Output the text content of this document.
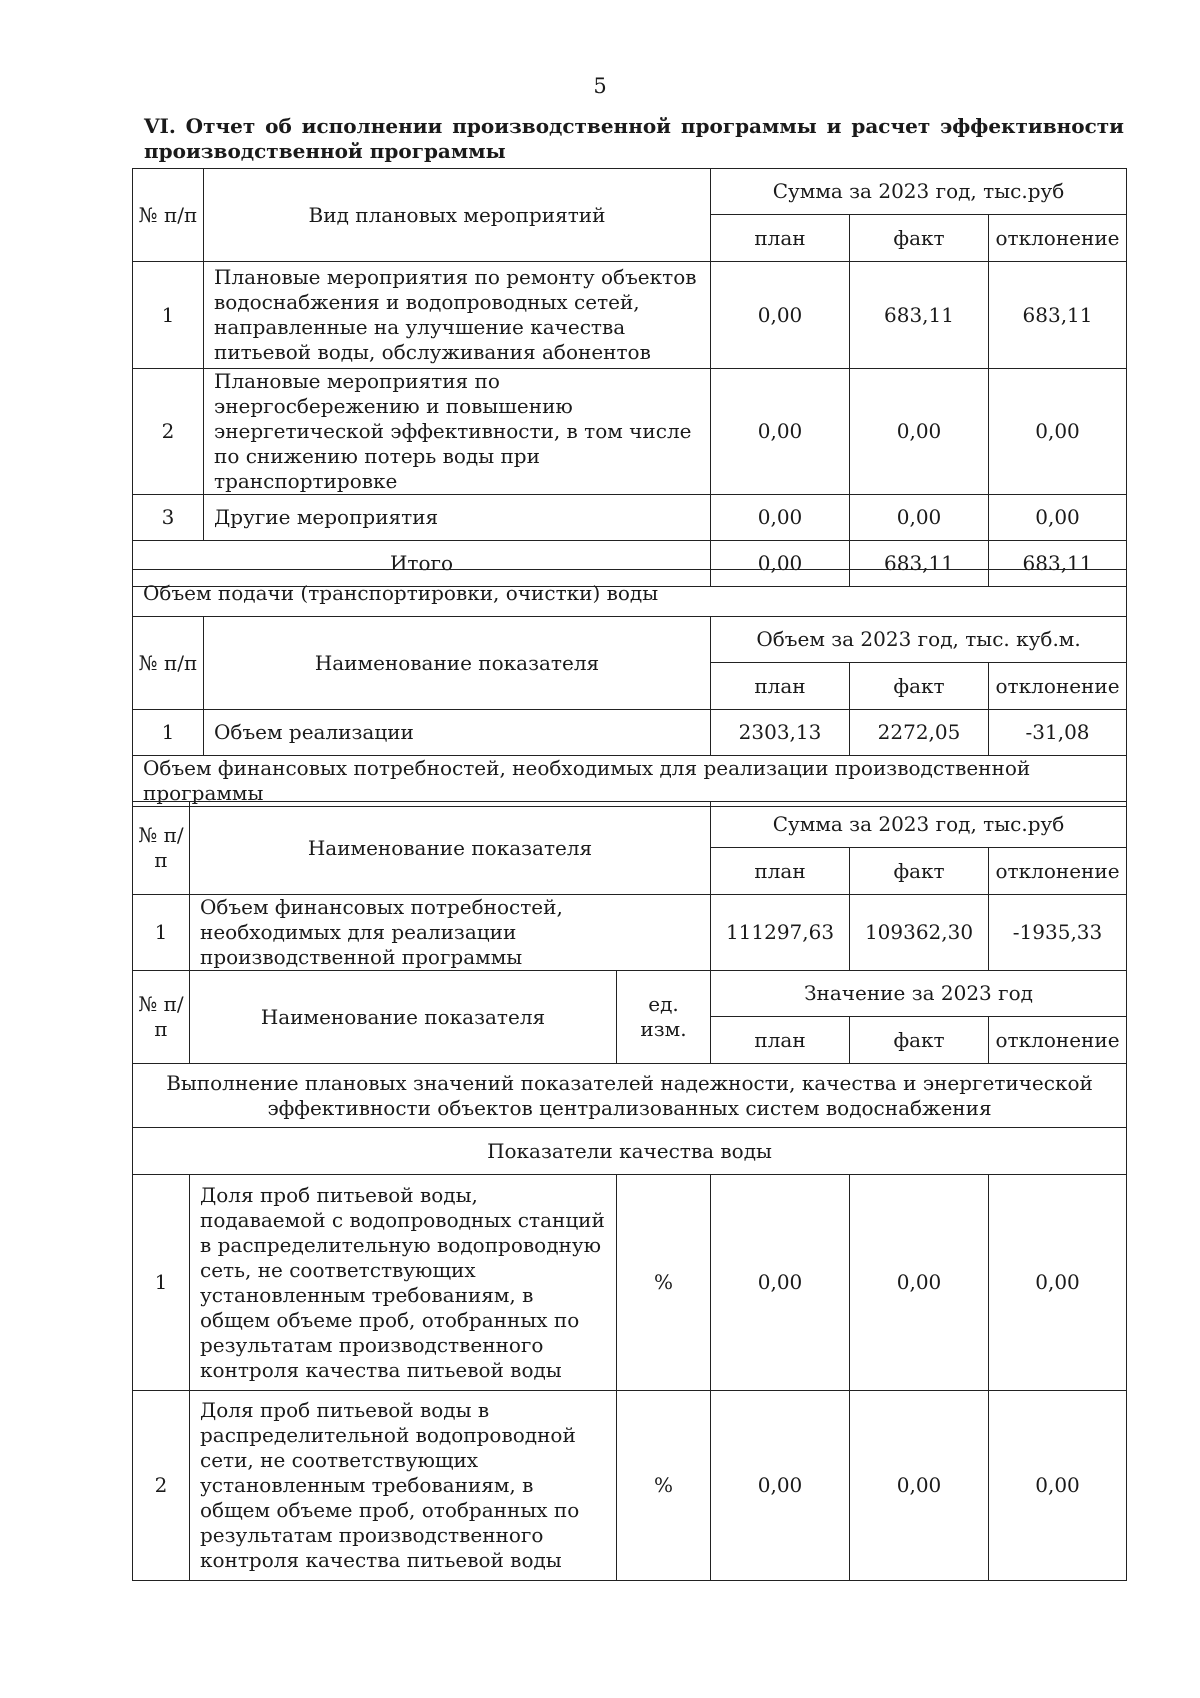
5
VI. Отчет об исполнении производственной программы и расчет эффективности производственной программы
№ п/п	Вид плановых мероприятий	Сумма за 2023 год, тыс.руб		
		план	факт	отклонение
1	Плановые мероприятия по ремонту объектов водоснабжения и водопроводных сетей, направленные на улучшение качества питьевой воды, обслуживания абонентов	0,00	683,11	683,11
2	Плановые мероприятия по энергосбережению и повышению энергетической эффективности, в том числе по снижению потерь воды при транспортировке	0,00	0,00	0,00
3	Другие мероприятия	0,00	0,00	0,00
Итого		0,00	683,11	683,11
Объем подачи (транспортировки, очистки) воды				
№ п/п	Наименование показателя	Объем за 2023 год, тыс. куб.м.		
		план	факт	отклонение
1	Объем реализации	2303,13	2272,05	-31,08
Объем финансовых потребностей, необходимых для реализации производственной программы				
№ п/п	Наименование показателя		Сумма за 2023 год, тыс.руб		
			план	факт	отклонение
1	Объем финансовых потребностей, необходимых для реализации производственной программы		111297,63	109362,30	-1935,33
№ п/п	Наименование показателя	ед. изм.	Значение за 2023 год		
			план	факт	отклонение
Выполнение плановых значений показателей надежности, качества и энергетической эффективности объектов централизованных систем водоснабжения					
Показатели качества воды					
1	Доля проб питьевой воды, подаваемой с водопроводных станций в распределительную водопроводную сеть, не соответствующих установленным требованиям, в общем объеме проб, отобранных по результатам производственного контроля качества питьевой воды	%	0,00	0,00	0,00
2	Доля проб питьевой воды в распределительной водопроводной сети, не соответствующих установленным требованиям, в общем объеме проб, отобранных по результатам производственного контроля качества питьевой воды	%	0,00	0,00	0,00
